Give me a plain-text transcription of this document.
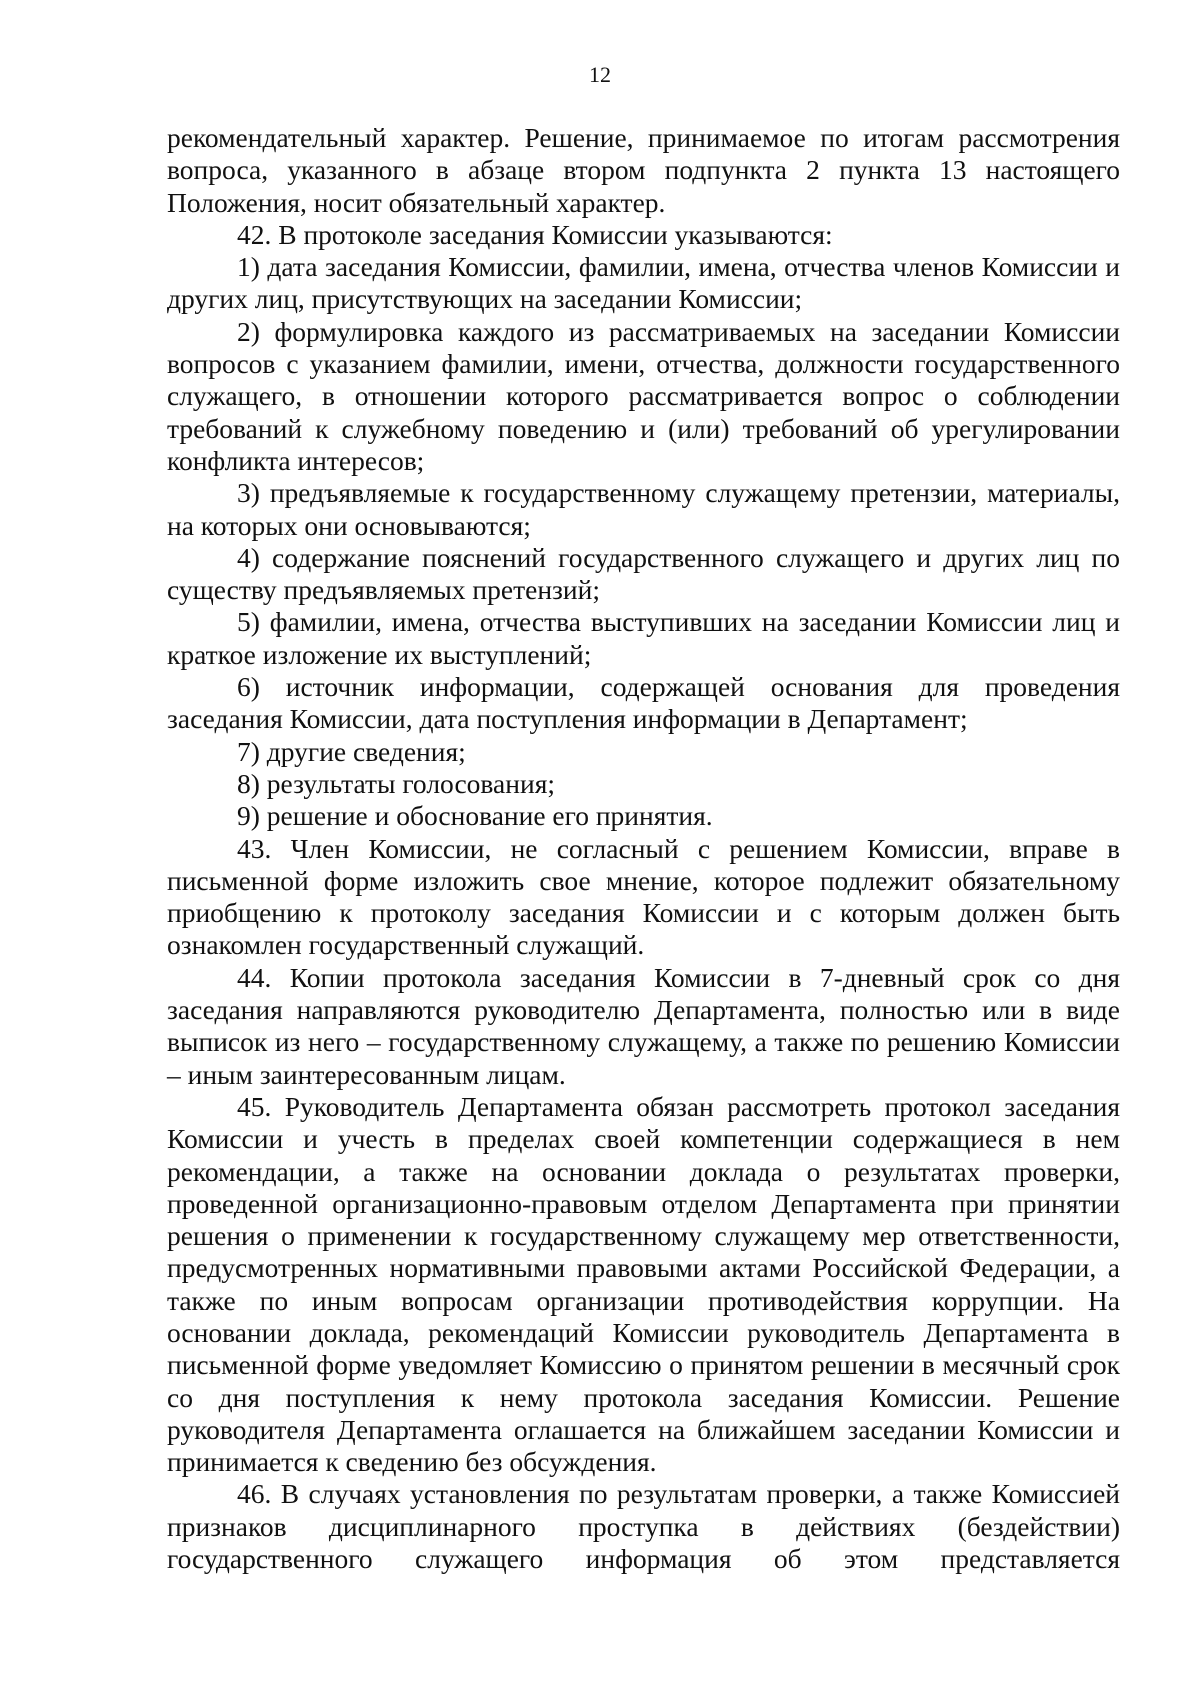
12

рекомендательный характер. Решение, принимаемое по итогам рассмотрения вопроса, указанного в абзаце втором подпункта 2 пункта 13 настоящего Положения, носит обязательный характер.

42. В протоколе заседания Комиссии указываются:

1) дата заседания Комиссии, фамилии, имена, отчества членов Комиссии и других лиц, присутствующих на заседании Комиссии;

2) формулировка каждого из рассматриваемых на заседании Комиссии вопросов с указанием фамилии, имени, отчества, должности государственного служащего, в отношении которого рассматривается вопрос о соблюдении требований к служебному поведению и (или) требований об урегулировании конфликта интересов;

3) предъявляемые к государственному служащему претензии, материалы, на которых они основываются;

4) содержание пояснений государственного служащего и других лиц по существу предъявляемых претензий;

5) фамилии, имена, отчества выступивших на заседании Комиссии лиц и краткое изложение их выступлений;

6) источник информации, содержащей основания для проведения заседания Комиссии, дата поступления информации в Департамент;

7) другие сведения;

8) результаты голосования;

9) решение и обоснование его принятия.

43. Член Комиссии, не согласный с решением Комиссии, вправе в письменной форме изложить свое мнение, которое подлежит обязательному приобщению к протоколу заседания Комиссии и с которым должен быть ознакомлен государственный служащий.

44. Копии протокола заседания Комиссии в 7-дневный срок со дня заседания направляются руководителю Департамента, полностью или в виде выписок из него – государственному служащему, а также по решению Комиссии – иным заинтересованным лицам.

45. Руководитель Департамента обязан рассмотреть протокол заседания Комиссии и учесть в пределах своей компетенции содержащиеся в нем рекомендации, а также на основании доклада о результатах проверки, проведенной организационно-правовым отделом Департамента при принятии решения о применении к государственному служащему мер ответственности, предусмотренных нормативными правовыми актами Российской Федерации, а также по иным вопросам организации противодействия коррупции. На основании доклада, рекомендаций Комиссии руководитель Департамента в письменной форме уведомляет Комиссию о принятом решении в месячный срок со дня поступления к нему протокола заседания Комиссии. Решение руководителя Департамента оглашается на ближайшем заседании Комиссии и принимается к сведению без обсуждения.

46. В случаях установления по результатам проверки, а также Комиссией признаков дисциплинарного проступка в действиях (бездействии) государственного служащего информация об этом представляется
